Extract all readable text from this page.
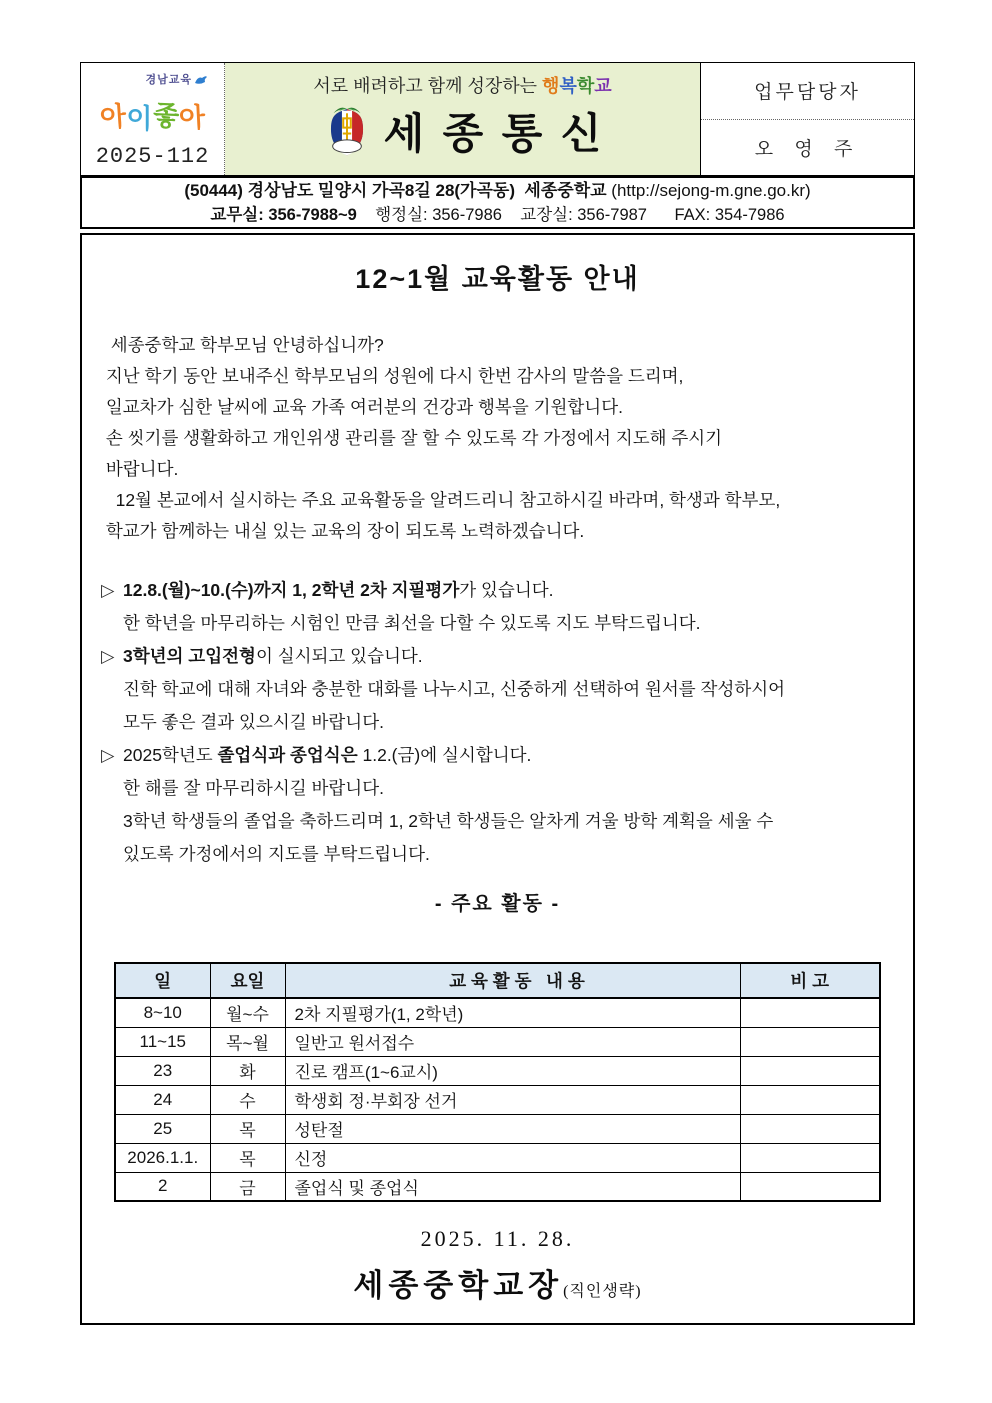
경남교육
아이좋아
2025-112
서로 배려하고 함께 성장하는 행복학교
세 종 통 신
업무담당자
오 영 주
(50444) 경상남도 밀양시 가곡8길 28(가곡동)  세종중학교 (http://sejong-m.gne.go.kr)
교무실: 356-7988~9    행정실: 356-7986    교장실: 356-7987      FAX: 354-7986
12~1월 교육활동 안내
세종중학교 학부모님 안녕하십니까?
지난 학기 동안 보내주신 학부모님의 성원에 다시 한번 감사의 말씀을 드리며,
일교차가 심한 날씨에 교육 가족 여러분의 건강과 행복을 기원합니다.
손 씻기를 생활화하고 개인위생 관리를 잘 할 수 있도록 각 가정에서 지도해 주시기
바랍니다.
12월 본교에서 실시하는 주요 교육활동을 알려드리니 참고하시길 바라며, 학생과 학부모,
학교가 함께하는 내실 있는 교육의 장이 되도록 노력하겠습니다.
▷ 12.8.(월)~10.(수)까지 1, 2학년 2차 지필평가가 있습니다.
한 학년을 마무리하는 시험인 만큼 최선을 다할 수 있도록 지도 부탁드립니다.
▷ 3학년의 고입전형이 실시되고 있습니다.
진학 학교에 대해 자녀와 충분한 대화를 나누시고, 신중하게 선택하여 원서를 작성하시어
모두 좋은 결과 있으시길 바랍니다.
▷ 2025학년도 졸업식과 종업식은 1.2.(금)에 실시합니다.
한 해를 잘 마무리하시길 바랍니다.
3학년 학생들의 졸업을 축하드리며 1, 2학년 학생들은 알차게 겨울 방학 계획을 세울 수
있도록 가정에서의 지도를 부탁드립니다.
- 주요 활동 -
일	요일	교 육 활 동   내 용	비 고
8~10	월~수	2차 지필평가(1, 2학년)	
11~15	목~월	일반고 원서접수	
23	화	진로 캠프(1~6교시)	
24	수	학생회 정·부회장 선거	
25	목	성탄절	
2026.1.1.	목	신정	
2	금	졸업식 및 종업식	
2025. 11. 28.
세종중학교장(직인생략)
